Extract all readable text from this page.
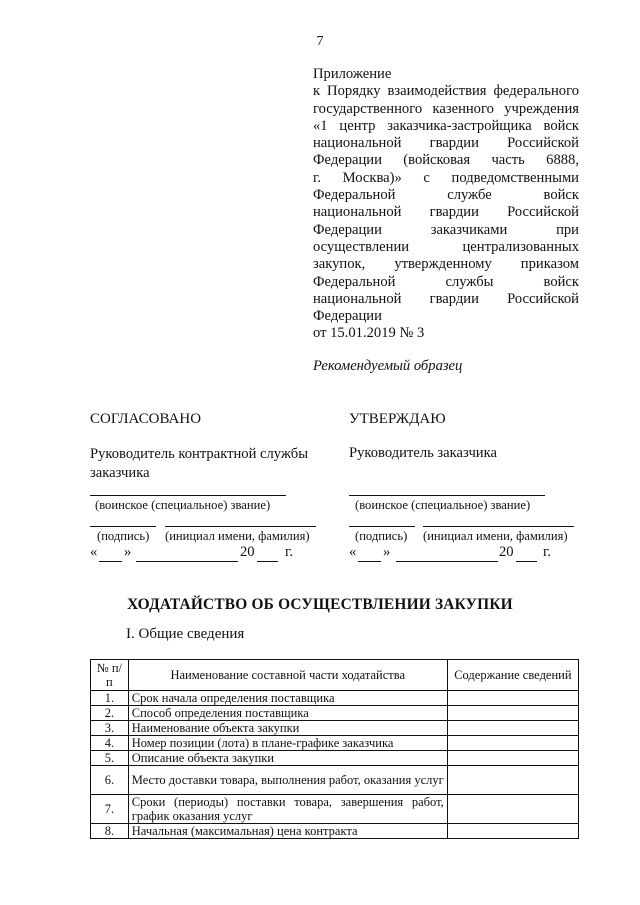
7
Приложение
к Порядку взаимодействия федерального
государственного казенного учреждения
«1 центр заказчика-застройщика войск
национальной гвардии Российской
Федерации (войсковая часть 6888,
г. Москва)» с подведомственными
Федеральной службе войск
национальной гвардии Российской
Федерации заказчиками при
осуществлении централизованных
закупок, утвержденному приказом
Федеральной службы войск
национальной гвардии Российской
Федерации
от 15.01.2019 № 3
Рекомендуемый образец
СОГЛАСОВАНО
Руководитель контрактной службы заказчика
(воинское (специальное) звание)
(подпись) (инициал имени, фамилия)
« »	20 г.
УТВЕРЖДАЮ
Руководитель заказчика
(воинское (специальное) звание)
(подпись) (инициал имени, фамилия)
« »	20 г.
ХОДАТАЙСТВО ОБ ОСУЩЕСТВЛЕНИИ ЗАКУПКИ
I. Общие сведения
№ п/п	Наименование составной части ходатайства	Содержание сведений
1.	Срок начала определения поставщика	
2.	Способ определения поставщика	
3.	Наименование объекта закупки	
4.	Номер позиции (лота) в плане-графике заказчика	
5.	Описание объекта закупки	
6.	Место доставки товара, выполнения работ, оказания услуг	
7.	Сроки (периоды) поставки товара, завершения работ, график оказания услуг	
8.	Начальная (максимальная) цена контракта	
